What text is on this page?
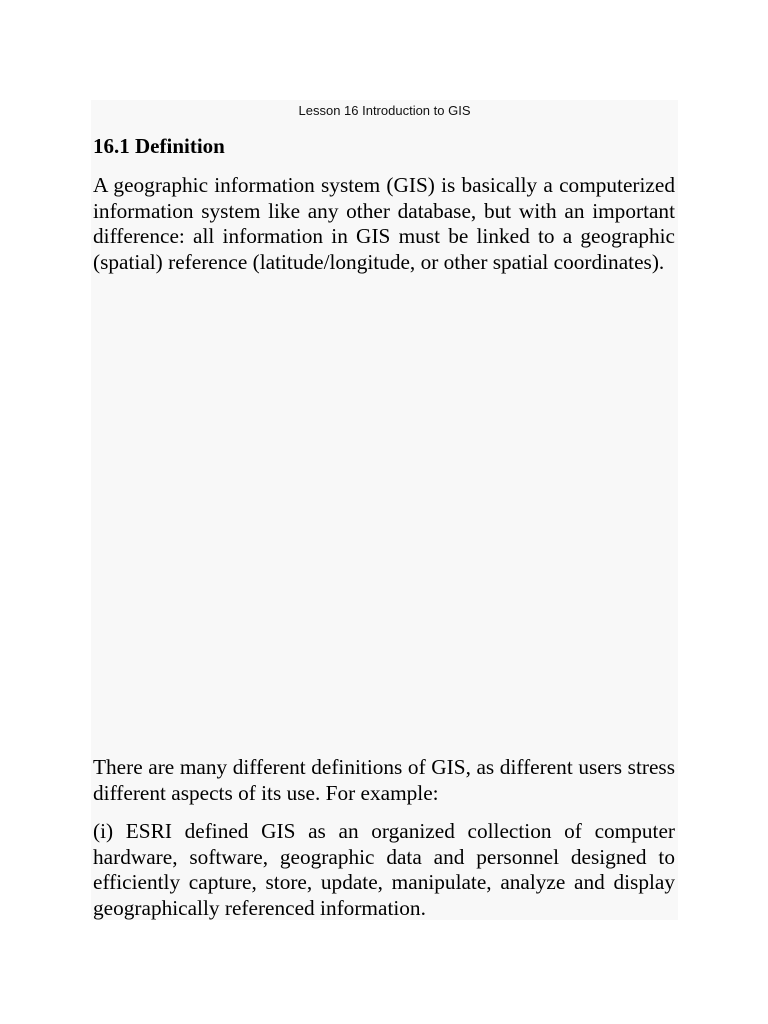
Lesson 16 Introduction to GIS
16.1 Definition

A geographic information system (GIS) is basically a computerized information system like any other database, but with an important difference: all information in GIS must be linked to a geographic (spatial) reference (latitude/longitude, or other spatial coordinates).

There are many different definitions of GIS, as different users stress different aspects of its use. For example:

(i) ESRI defined GIS as an organized collection of computer hardware, software, geographic data and personnel designed to efficiently capture, store, update, manipulate, analyze and display geographically referenced information.
